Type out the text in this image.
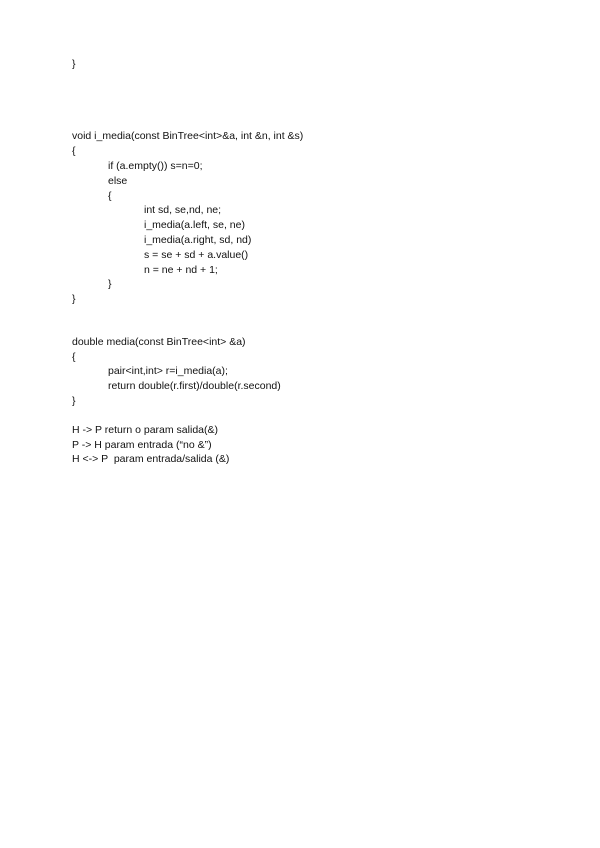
}
void i_media(const BinTree<int>&a, int &n, int &s)
{
if (a.empty()) s=n=0;
else
{
int sd, se,nd, ne;
i_media(a.left, se, ne)
i_media(a.right, sd, nd)
s = se + sd + a.value()
n = ne + nd + 1;
}
}
double media(const BinTree<int> &a)
{
pair<int,int> r=i_media(a);
return double(r.first)/double(r.second)
}
H -> P return o param salida(&)
P -> H param entrada (“no &”)
H <-> P  param entrada/salida (&)
